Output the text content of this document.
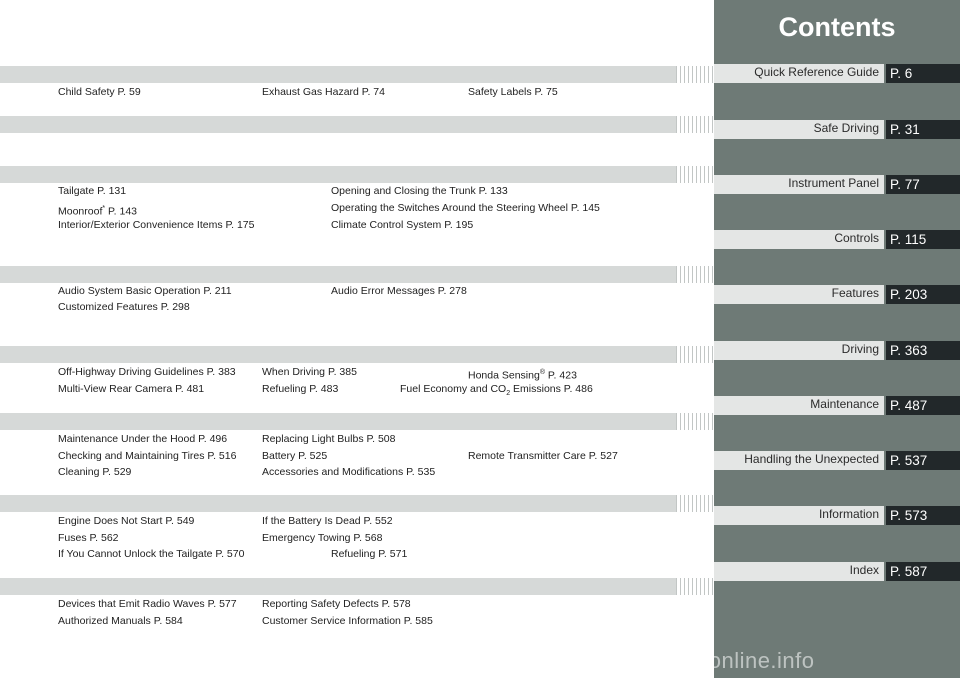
Child Safety P. 59	Exhaust Gas Hazard P. 74	Safety Labels P. 75
Tailgate P. 131	Opening and Closing the Trunk P. 133
Moonroof* P. 143	Operating the Switches Around the Steering Wheel P. 145
Interior/Exterior Convenience Items P. 175	Climate Control System P. 195
Audio System Basic Operation P. 211	Audio Error Messages P. 278
Customized Features P. 298
Off-Highway Driving Guidelines P. 383	When Driving P. 385	Honda Sensing® P. 423
Multi-View Rear Camera P. 481	Refueling P. 483	Fuel Economy and $CO_2$ Emissions P. 486
Maintenance Under the Hood P. 496	Replacing Light Bulbs P. 508
Checking and Maintaining Tires P. 516 Battery P. 525	Remote Transmitter Care P. 527
Cleaning P. 529	Accessories and Modifications P. 535
Engine Does Not Start P. 549	If the Battery Is Dead P. 552
Fuses P. 562	Emergency Towing P. 568
If You Cannot Unlock the Tailgate P. 570	Refueling P. 571
Devices that Emit Radio Waves P. 577 Reporting Safety Defects P. 578
Authorized Manuals P. 584	Customer Service Information P. 585
Contents
Quick Reference Guide P. 6
Safe Driving P. 31
Instrument Panel P. 77
Controls P. 115
Features P. 203
Driving P. 363
Maintenance P. 487
Handling the Unexpected P. 537
Information P. 573
Index P. 587
carmanualsonline.info
